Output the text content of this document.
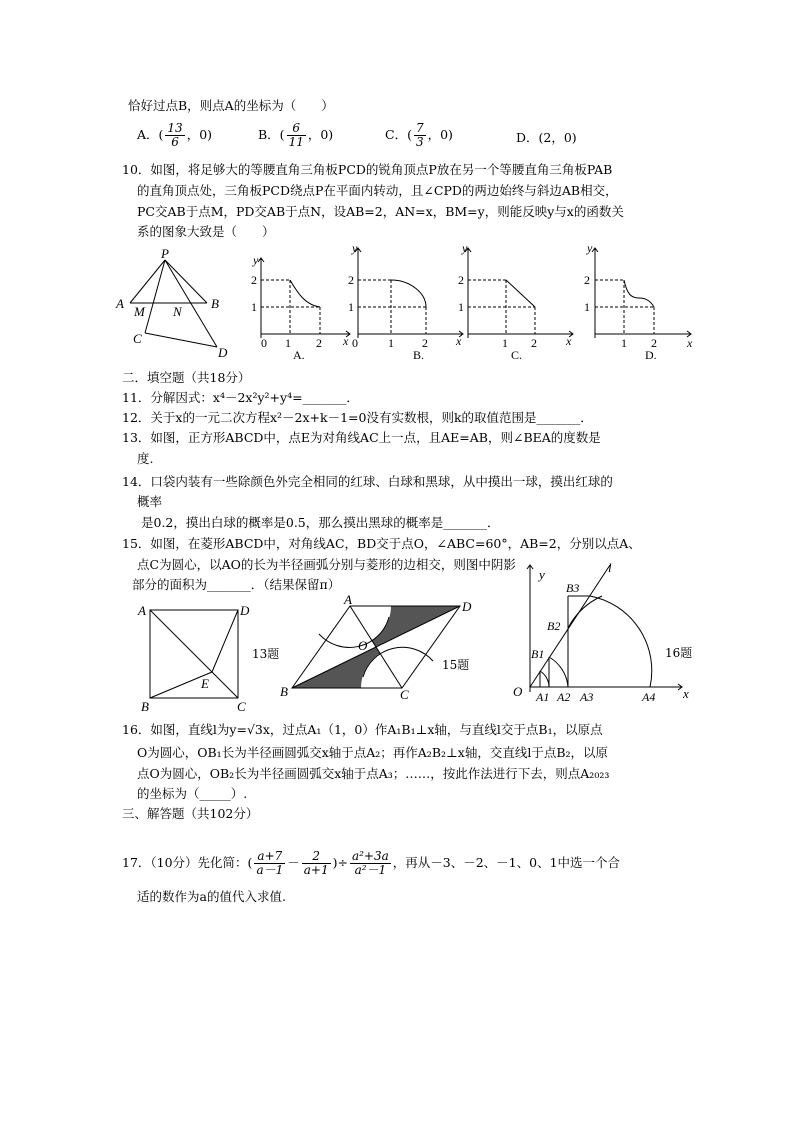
恰好过点B，则点A的坐标为（　　）
A．( $\frac{13}{6}$ ，0)	B．( $\frac{6}{11}$ ，0)	C．( $\frac{7}{3}$ ，0)	D．(2，0)
10．如图，将足够大的等腰直角三角板PCD的锐角顶点P放在另一个等腰直角三角板PAB
的直角顶点处，三角板PCD绕点P在平面内转动，且∠CPD的两边始终与斜边AB相交，
PC交AB于点M，PD交AB于点N，设AB=2，AN=x，BM=y，则能反映y与x的函数关
系的图象大致是（　　）
P
A	B
M N
C
D
y
2
1
0 1 2 x
A.
y
2
1
0	1 2 x
B.
y
2
1
1 2 x
C.
y
2
1
1 2	x
D.
二．填空题（共18分）
11．分解因式：x⁴－2x²y²+y⁴=_______．
12．关于x的一元二次方程x²－2x+k－1=0没有实数根，则k的取值范围是_______．
13．如图，正方形ABCD中，点E为对角线AC上一点，且AE=AB，则∠BEA的度数是
度.
14．口袋内装有一些除颜色外完全相同的红球、白球和黑球，从中摸出一球，摸出红球的
概率
是0.2，摸出白球的概率是0.5，那么摸出黑球的概率是_______．
15．如图，在菱形ABCD中，对角线AC，BD交于点O，∠ABC=60°，AB=2，分别以点A、
点C为圆心，以AO的长为半径画弧分别与菱形的边相交，则图中阴影
部分的面积为_______．（结果保留π）
A	D
B	C
E
13题
A	D
B	C
O
15题
y
x
O
l
B1
B2
B3
A1 A2 A3	A4
16题
16．如图，直线l为y=√3x，过点A₁（1，0）作A₁B₁⊥x轴，与直线l交于点B₁，以原点
O为圆心，OB₁长为半径画圆弧交x轴于点A₂；再作A₂B₂⊥x轴，交直线l于点B₂，以原
点O为圆心，OB₂长为半径画圆弧交x轴于点A₃；……，按此作法进行下去，则点A₂₀₂₃
的坐标为（_____）.
三、解答题（共102分）
17．（10分）先化简：( $\frac{a+7}{a-1} - \frac{2}{a+1}$ )÷ $\frac{\text{a²+3a}}{\text{a²－1}}$ ，再从－3、－2、－1、0、1中选一个合
适的数作为a的值代入求值.
